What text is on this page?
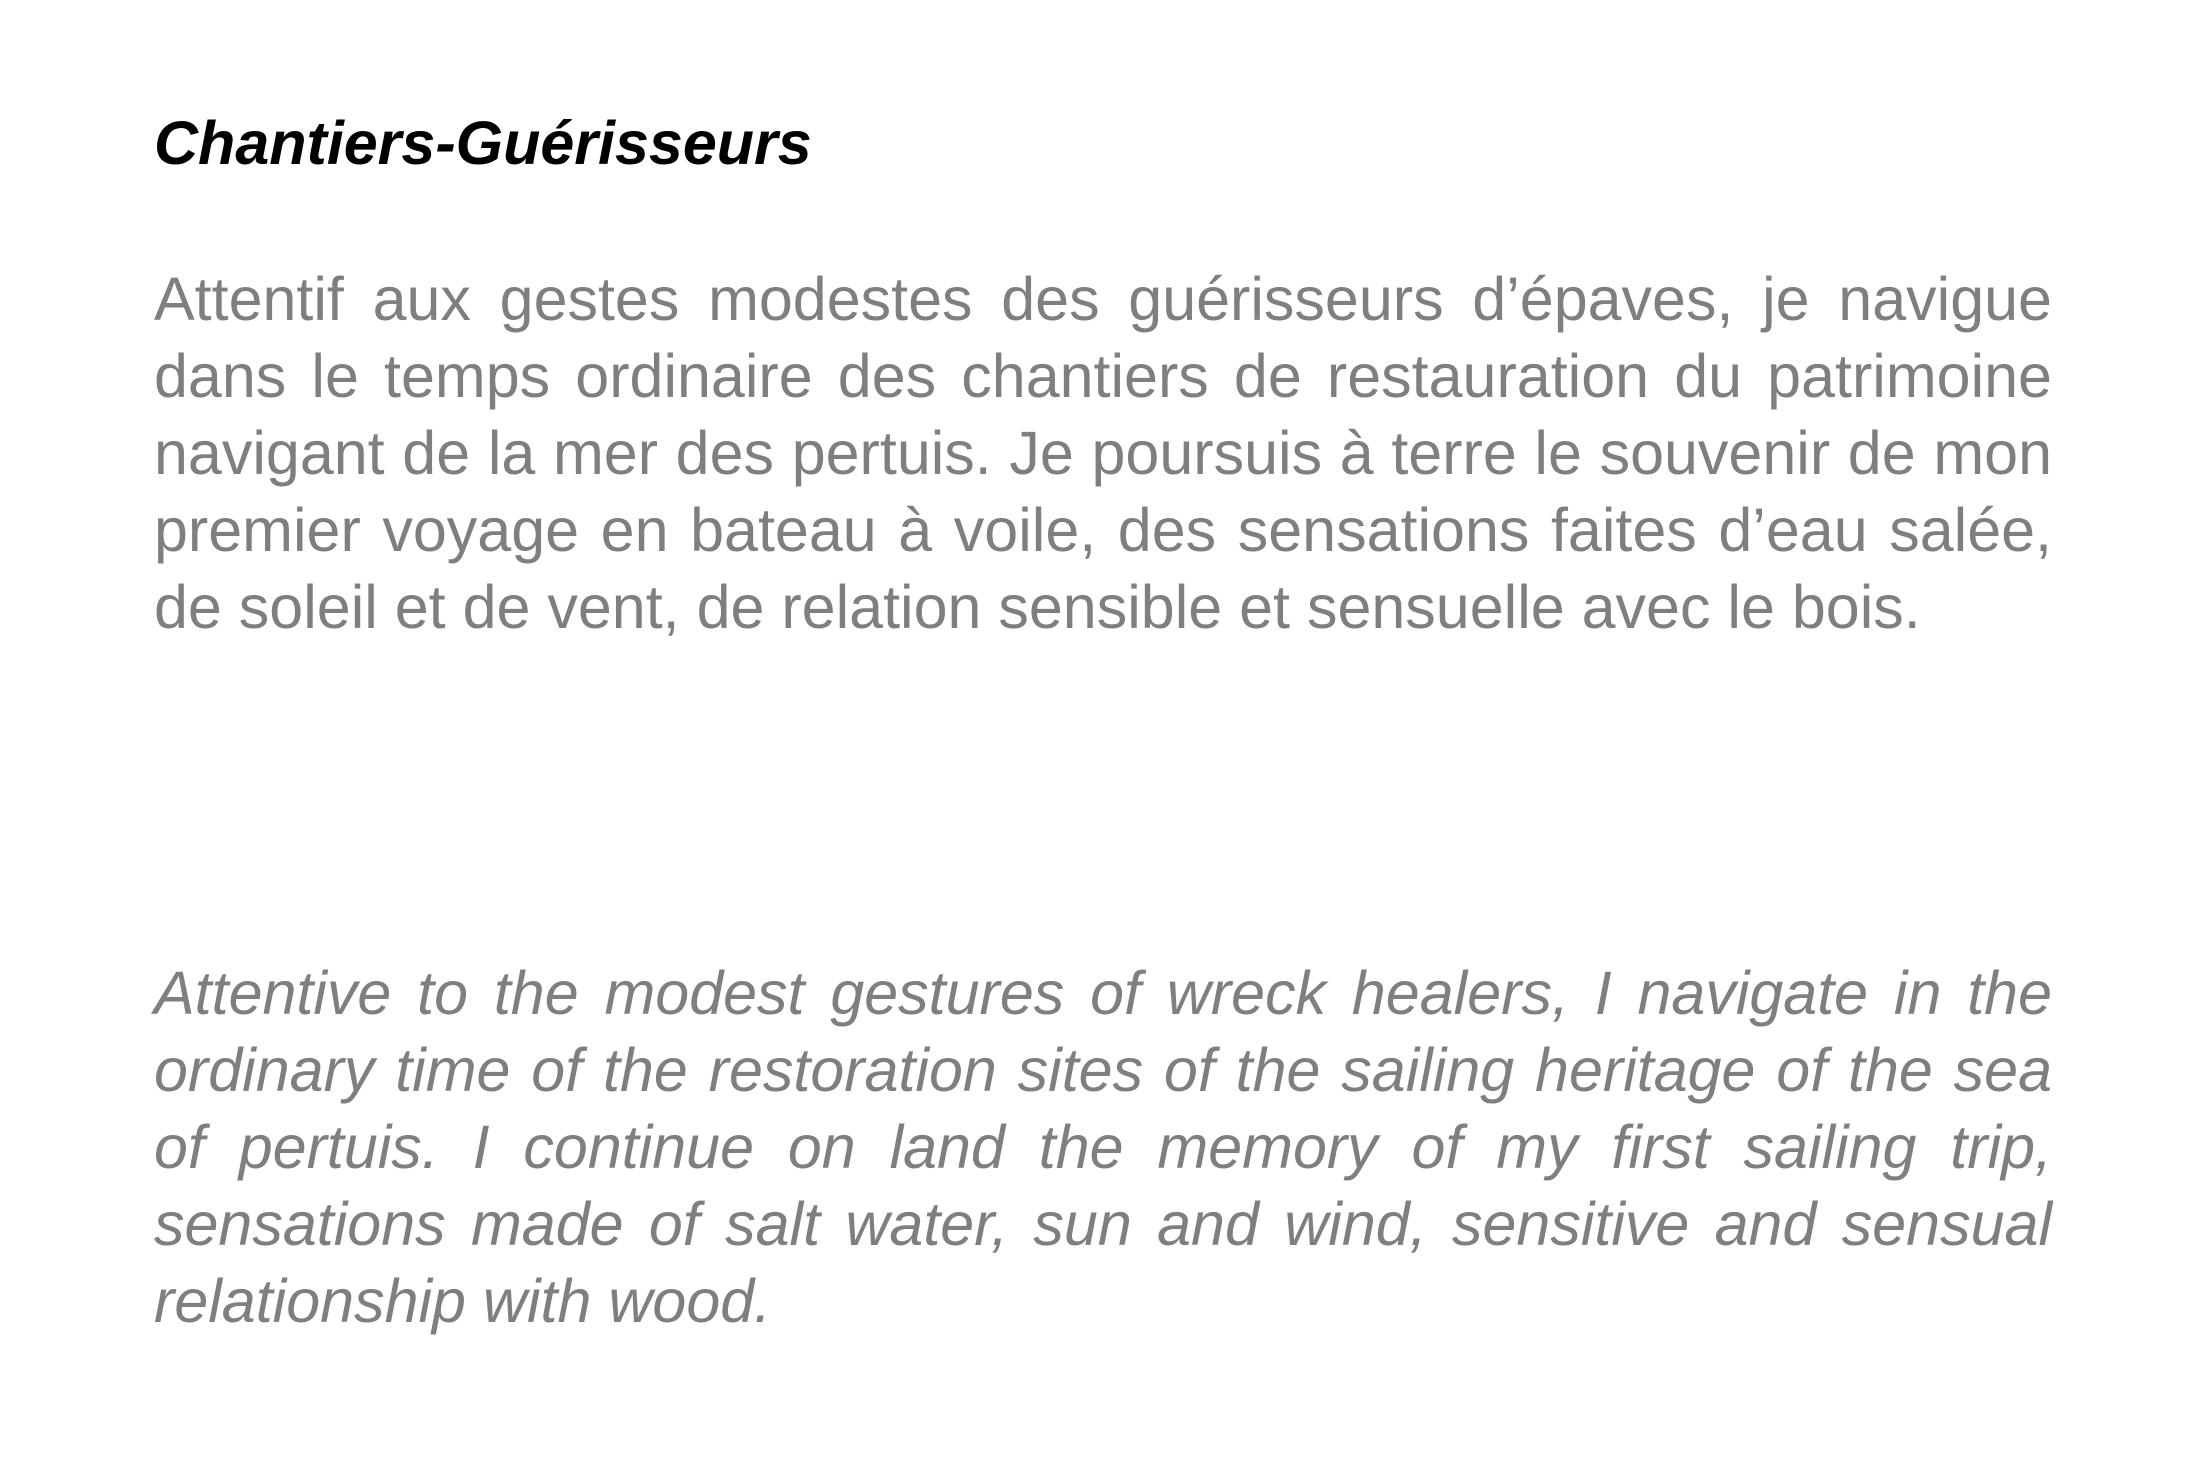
Chantiers-Guérisseurs

Attentif aux gestes modestes des guérisseurs d’épaves, je navigue dans le temps ordinaire des chantiers de restauration du patrimoine navigant de la mer des pertuis. Je poursuis à terre le souvenir de mon premier voyage en bateau à voile, des sensations faites d’eau salée, de soleil et de vent, de relation sensible et sensuelle avec le bois.

Attentive to the modest gestures of wreck healers, I navigate in the ordinary time of the restoration sites of the sailing heritage of the sea of pertuis. I continue on land the memory of my first sailing trip, sensations made of salt water, sun and wind, sensitive and sensual relationship with wood.
